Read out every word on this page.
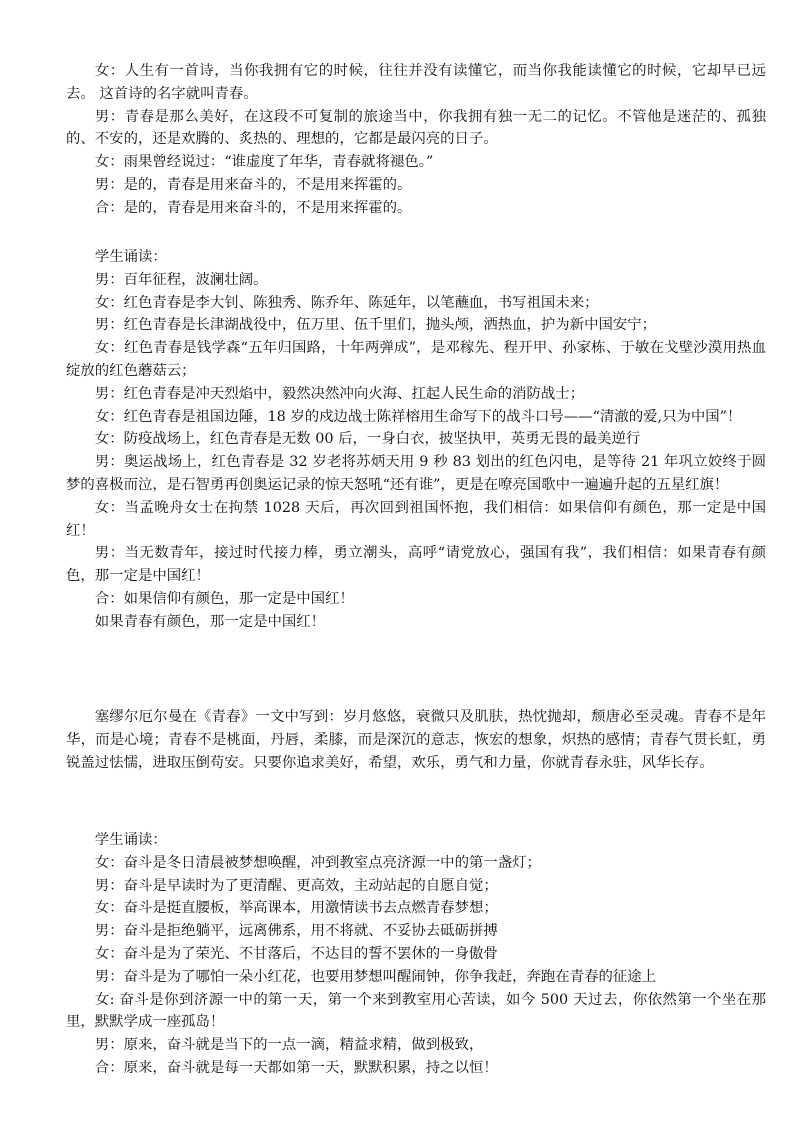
女：人生有一首诗，当你我拥有它的时候，往往并没有读懂它，而当你我能读懂它的时候，它却早已远去。 这首诗的名字就叫青春。

男：青春是那么美好，在这段不可复制的旅途当中，你我拥有独一无二的记忆。不管他是迷茫的、孤独的、不安的，还是欢腾的、炙热的、理想的，它都是最闪亮的日子。

女：雨果曾经说过：“谁虚度了年华，青春就将褪色。”

男：是的，青春是用来奋斗的，不是用来挥霍的。

合：是的，青春是用来奋斗的，不是用来挥霍的。

学生诵读：

男：百年征程，波澜壮阔。

女：红色青春是李大钊、陈独秀、陈乔年、陈延年，以笔蘸血，书写祖国未来；

男：红色青春是长津湖战役中，伍万里、伍千里们，抛头颅，洒热血，护为新中国安宁；

女：红色青春是钱学森“五年归国路，十年两弹成”，是邓稼先、程开甲、孙家栋、于敏在戈壁沙漠用热血绽放的红色蘑菇云；

男：红色青春是冲天烈焰中，毅然决然冲向火海、扛起人民生命的消防战士；

女：红色青春是祖国边陲，18 岁的戍边战士陈祥榕用生命写下的战斗口号——“清澈的爱,只为中国”！

女：防疫战场上，红色青春是无数 00 后，一身白衣，披坚执甲，英勇无畏的最美逆行

男：奥运战场上，红色青春是 32 岁老将苏炳天用 9 秒 83 划出的红色闪电，是等待 21 年巩立姣终于圆梦的喜极而泣，是石智勇再创奥运记录的惊天怒吼“还有谁”，更是在嘹亮国歌中一遍遍升起的五星红旗！

女：当孟晚舟女士在拘禁 1028 天后，再次回到祖国怀抱，我们相信：如果信仰有颜色，那一定是中国红！

男：当无数青年，接过时代接力棒，勇立潮头，高呼“请党放心，强国有我”，我们相信：如果青春有颜色，那一定是中国红！

合：如果信仰有颜色，那一定是中国红！

如果青春有颜色，那一定是中国红！

塞缪尔厄尔曼在《青春》一文中写到：岁月悠悠，衰微只及肌肤，热忱抛却，颓唐必至灵魂。青春不是年华，而是心境；青春不是桃面，丹唇，柔膝，而是深沉的意志，恢宏的想象，炽热的感情；青春气贯长虹，勇锐盖过怯懦，进取压倒苟安。只要你追求美好，希望，欢乐，勇气和力量，你就青春永驻，风华长存。

学生诵读：

女：奋斗是冬日清晨被梦想唤醒，冲到教室点亮济源一中的第一盏灯；

男：奋斗是早读时为了更清醒、更高效，主动站起的自愿自觉；

女：奋斗是挺直腰板，举高课本，用激情读书去点燃青春梦想；

男：奋斗是拒绝躺平，远离佛系，用不将就、不妥协去砥砺拼搏

女：奋斗是为了荣光、不甘落后，不达目的誓不罢休的一身傲骨

男：奋斗是为了哪怕一朵小红花，也要用梦想叫醒闹钟，你争我赶，奔跑在青春的征途上

女: 奋斗是你到济源一中的第一天，第一个来到教室用心苦读，如今 500 天过去，你依然第一个坐在那里，默默学成一座孤岛！

男：原来，奋斗就是当下的一点一滴，精益求精，做到极致，

合：原来，奋斗就是每一天都如第一天，默默积累，持之以恒！
